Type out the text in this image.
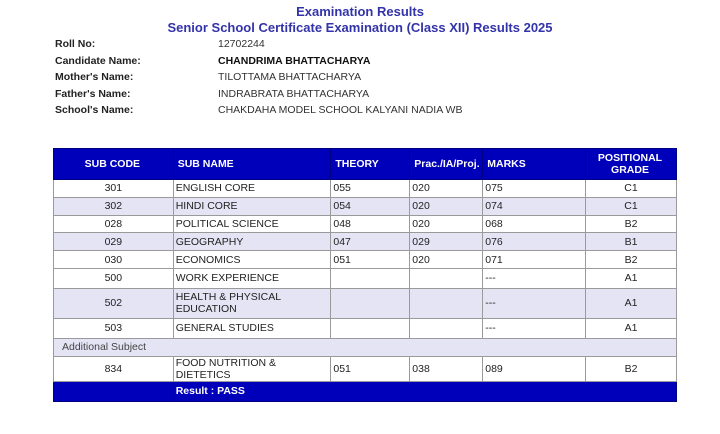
Examination Results
Senior School Certificate Examination (Class XII) Results 2025
Roll No:	12702244
Candidate Name:	CHANDRIMA BHATTACHARYA
Mother's Name:	TILOTTAMA BHATTACHARYA
Father's Name:	INDRABRATA BHATTACHARYA
School's Name:	CHAKDAHA MODEL SCHOOL KALYANI NADIA WB
SUB CODE	SUB NAME	THEORY	Prac./IA/Proj.	MARKS	POSITIONAL GRADE
301	ENGLISH CORE	055	020	075	C1
302	HINDI CORE	054	020	074	C1
028	POLITICAL SCIENCE	048	020	068	B2
029	GEOGRAPHY	047	029	076	B1
030	ECONOMICS	051	020	071	B2
500	WORK EXPERIENCE			---	A1
502	HEALTH & PHYSICAL EDUCATION			---	A1
503	GENERAL STUDIES			---	A1
Additional Subject					
834	FOOD NUTRITION & DIETETICS	051	038	089	B2
	Result : PASS				
